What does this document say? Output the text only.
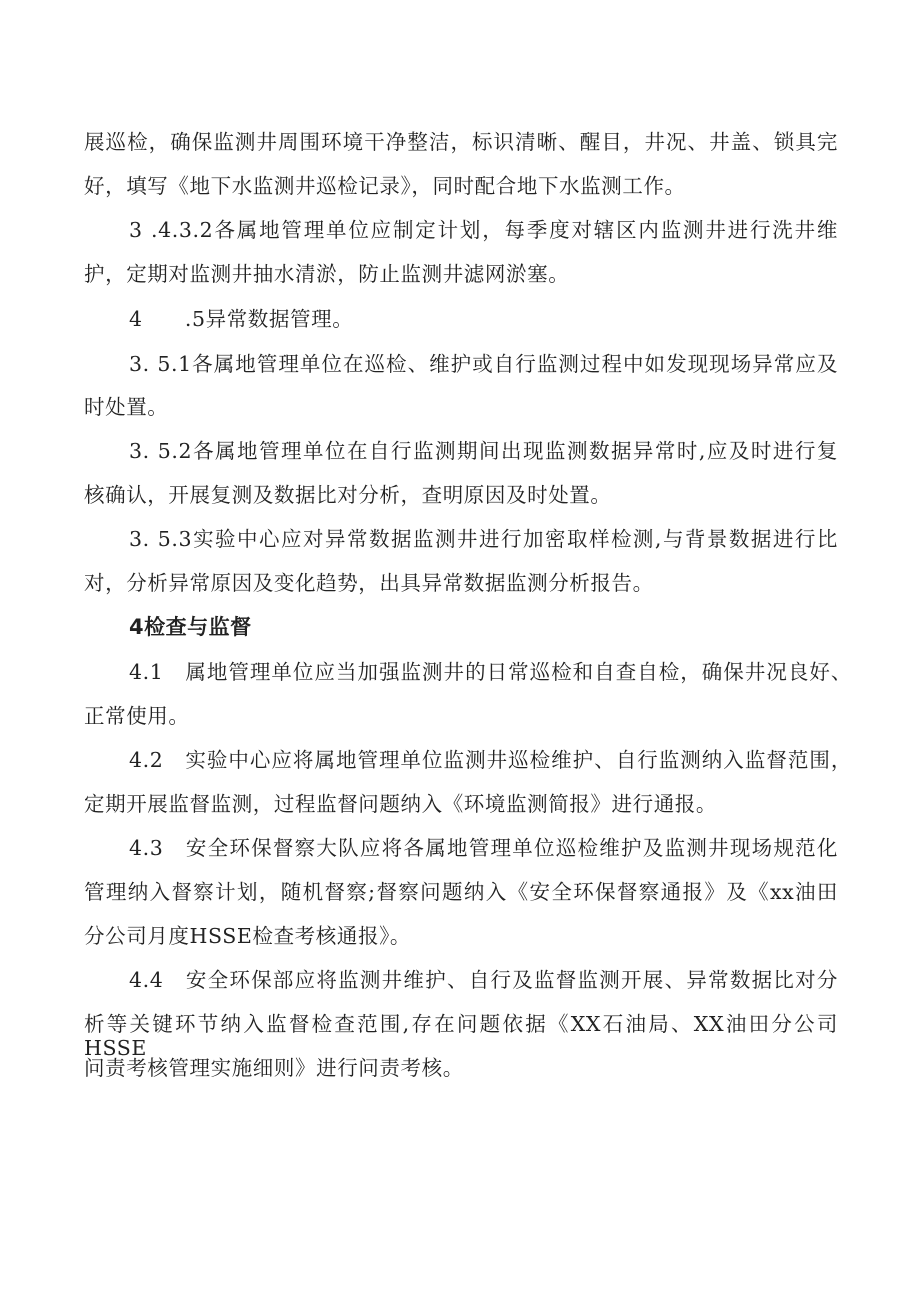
展巡检，确保监测井周围环境干净整洁，标识清晰、醒目，井况、井盖、锁具完
好，填写《地下水监测井巡检记录》，同时配合地下水监测工作。
3 .4.3.2各属地管理单位应制定计划，每季度对辖区内监测井进行洗井维
护，定期对监测井抽水清淤，防止监测井滤网淤塞。
4　　.5异常数据管理。
3. 5.1各属地管理单位在巡检、维护或自行监测过程中如发现现场异常应及
时处置。
3. 5.2各属地管理单位在自行监测期间出现监测数据异常时,应及时进行复
核确认，开展复测及数据比对分析，查明原因及时处置。
3. 5.3实验中心应对异常数据监测井进行加密取样检测,与背景数据进行比
对，分析异常原因及变化趋势，出具异常数据监测分析报告。
4检查与监督
4.1　属地管理单位应当加强监测井的日常巡检和自查自检，确保井况良好、
正常使用。
4.2　实验中心应将属地管理单位监测井巡检维护、自行监测纳入监督范围，
定期开展监督监测，过程监督问题纳入《环境监测简报》进行通报。
4.3　安全环保督察大队应将各属地管理单位巡检维护及监测井现场规范化
管理纳入督察计划，随机督察;督察问题纳入《安全环保督察通报》及《xx油田
分公司月度HSSE检查考核通报》。
4.4　安全环保部应将监测井维护、自行及监督监测开展、异常数据比对分
析等关键环节纳入监督检查范围,存在问题依据《XX石油局、XX油田分公司HSSE
问责考核管理实施细则》进行问责考核。
